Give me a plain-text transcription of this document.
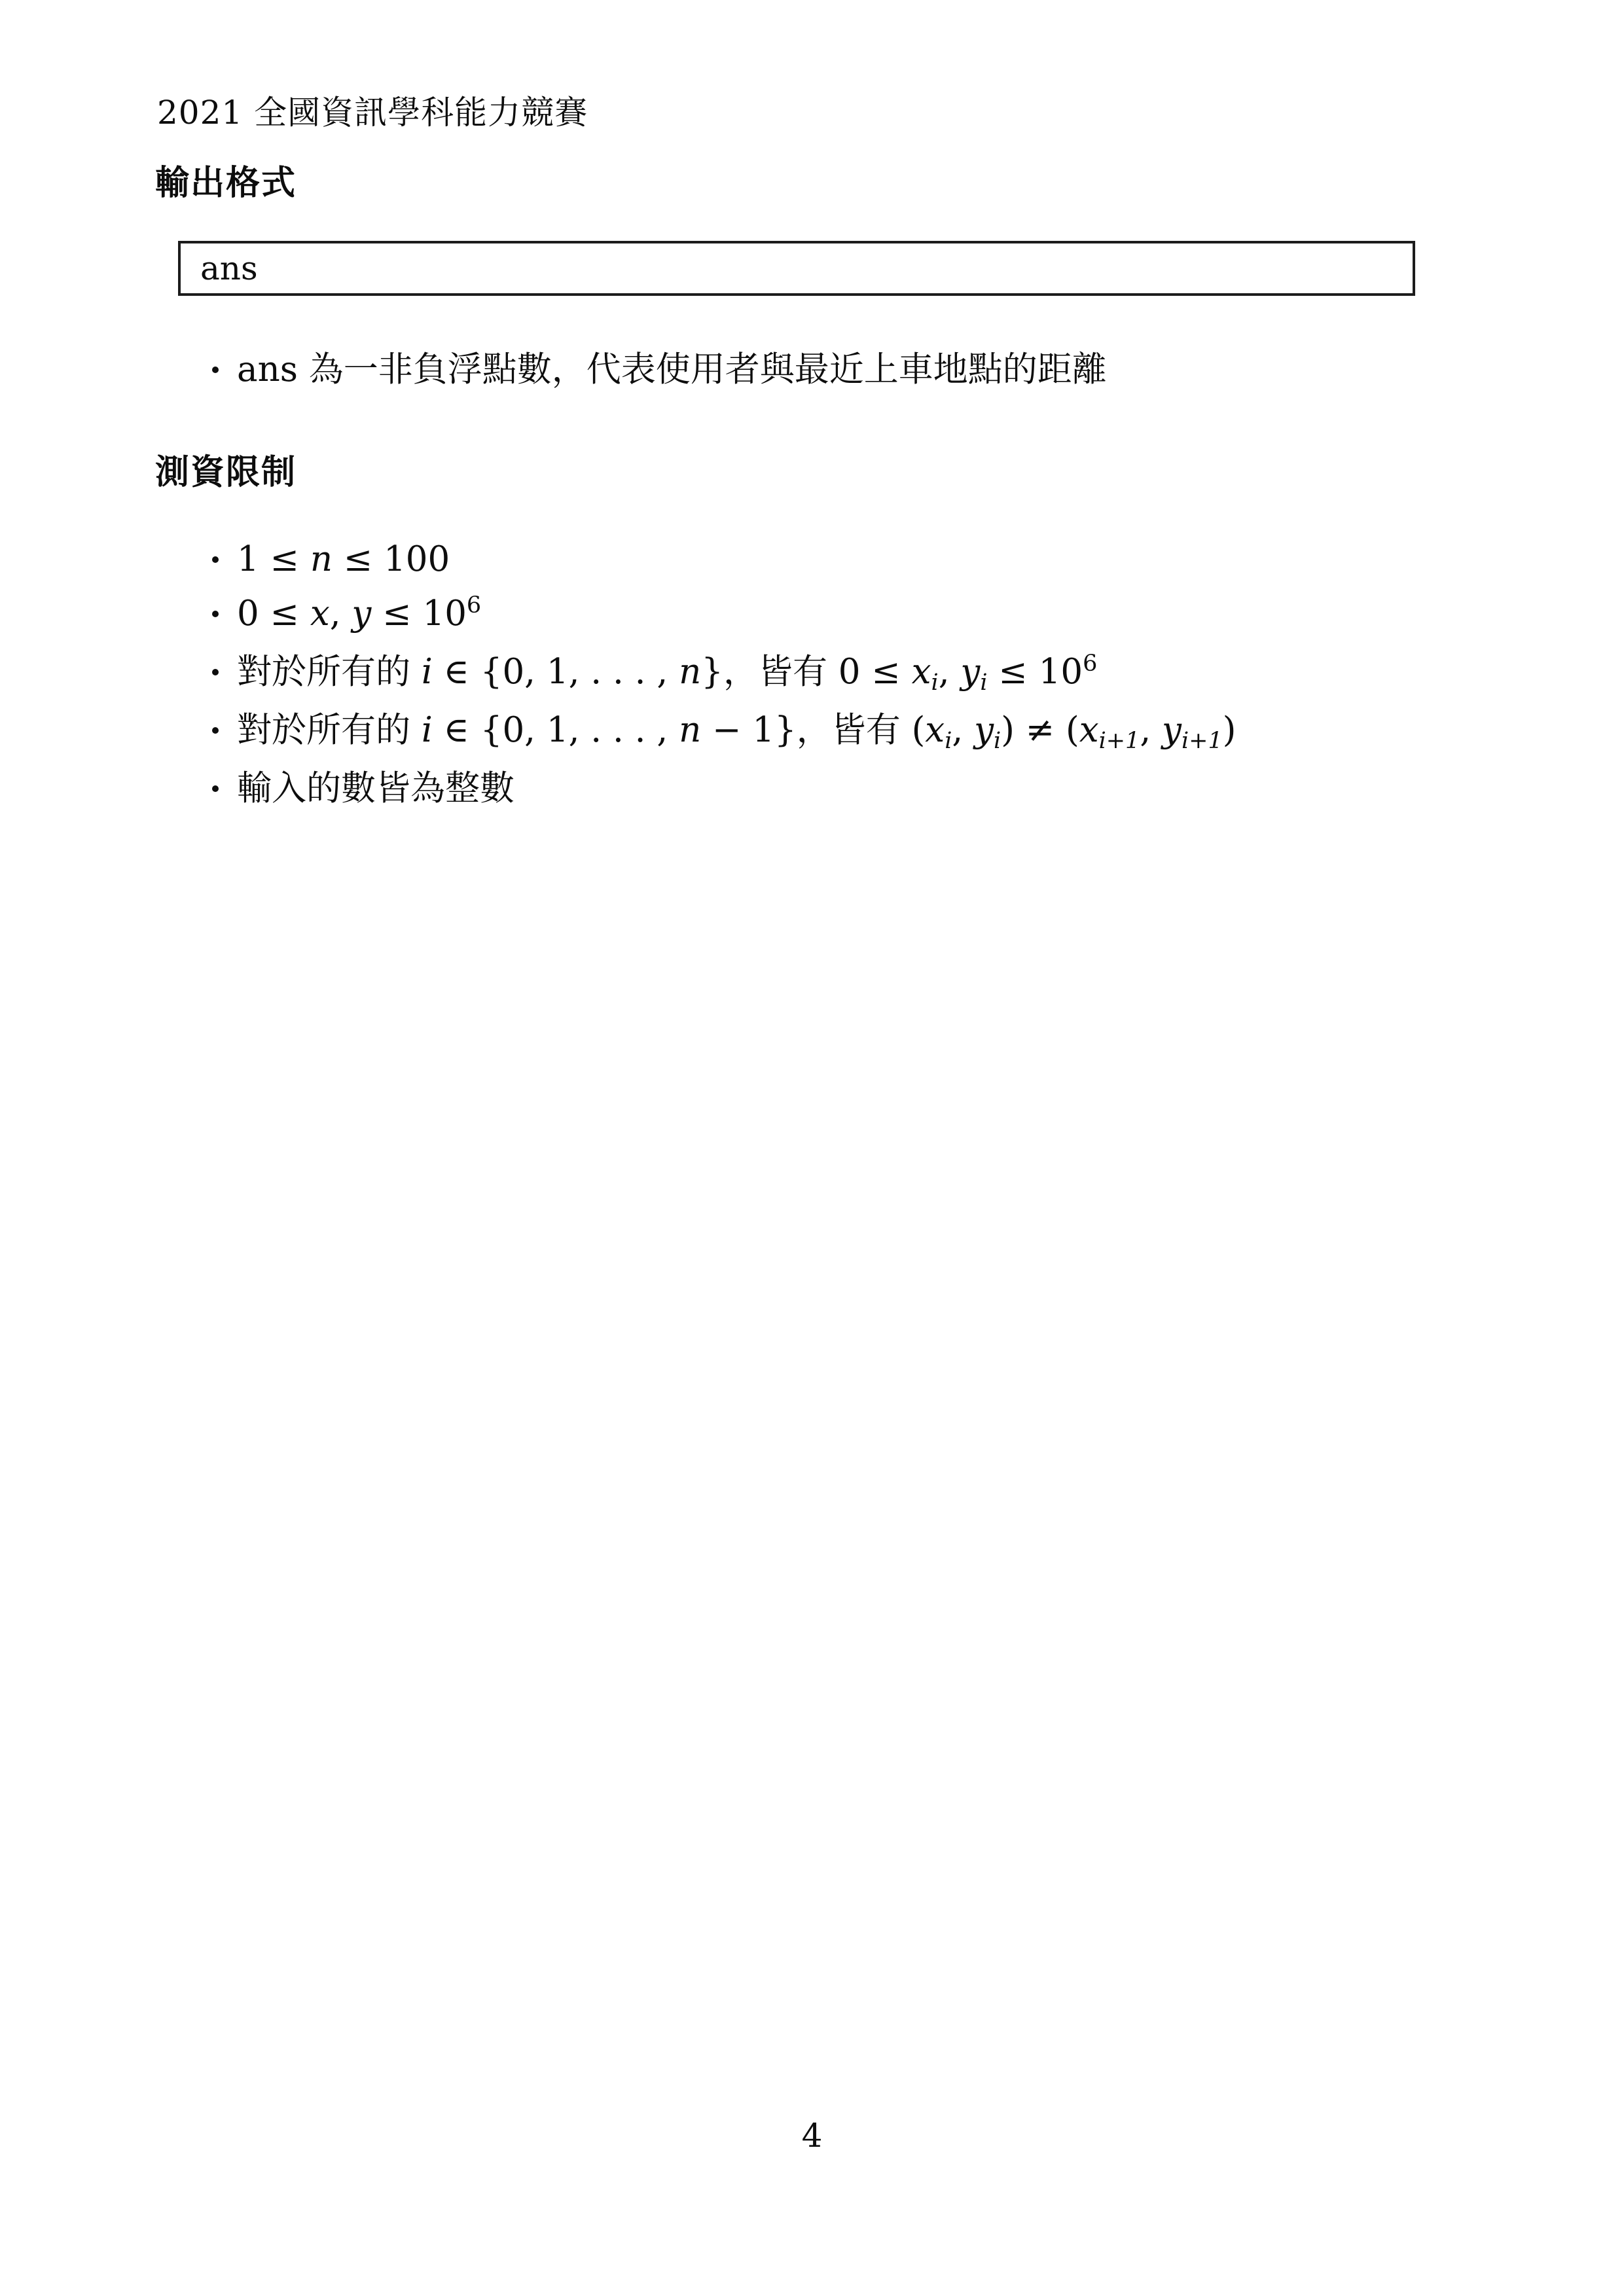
2021 全國資訊學科能力競賽
輸出格式
ans
ans 為一非負浮點數，代表使用者與最近上車地點的距離
測資限制
1 ≤ n ≤ 100
0 ≤ x, $y \le 10^6$
對於所有的 i ∈ {0, 1, . . . , n}，皆有 0 ≤ xi, yi ≤ $10^6$
對於所有的 i ∈ {0, 1, . . . , n − 1}，皆有 (xi, yi) ≠ (xi+1, yi+1)
輸入的數皆為整數
4
